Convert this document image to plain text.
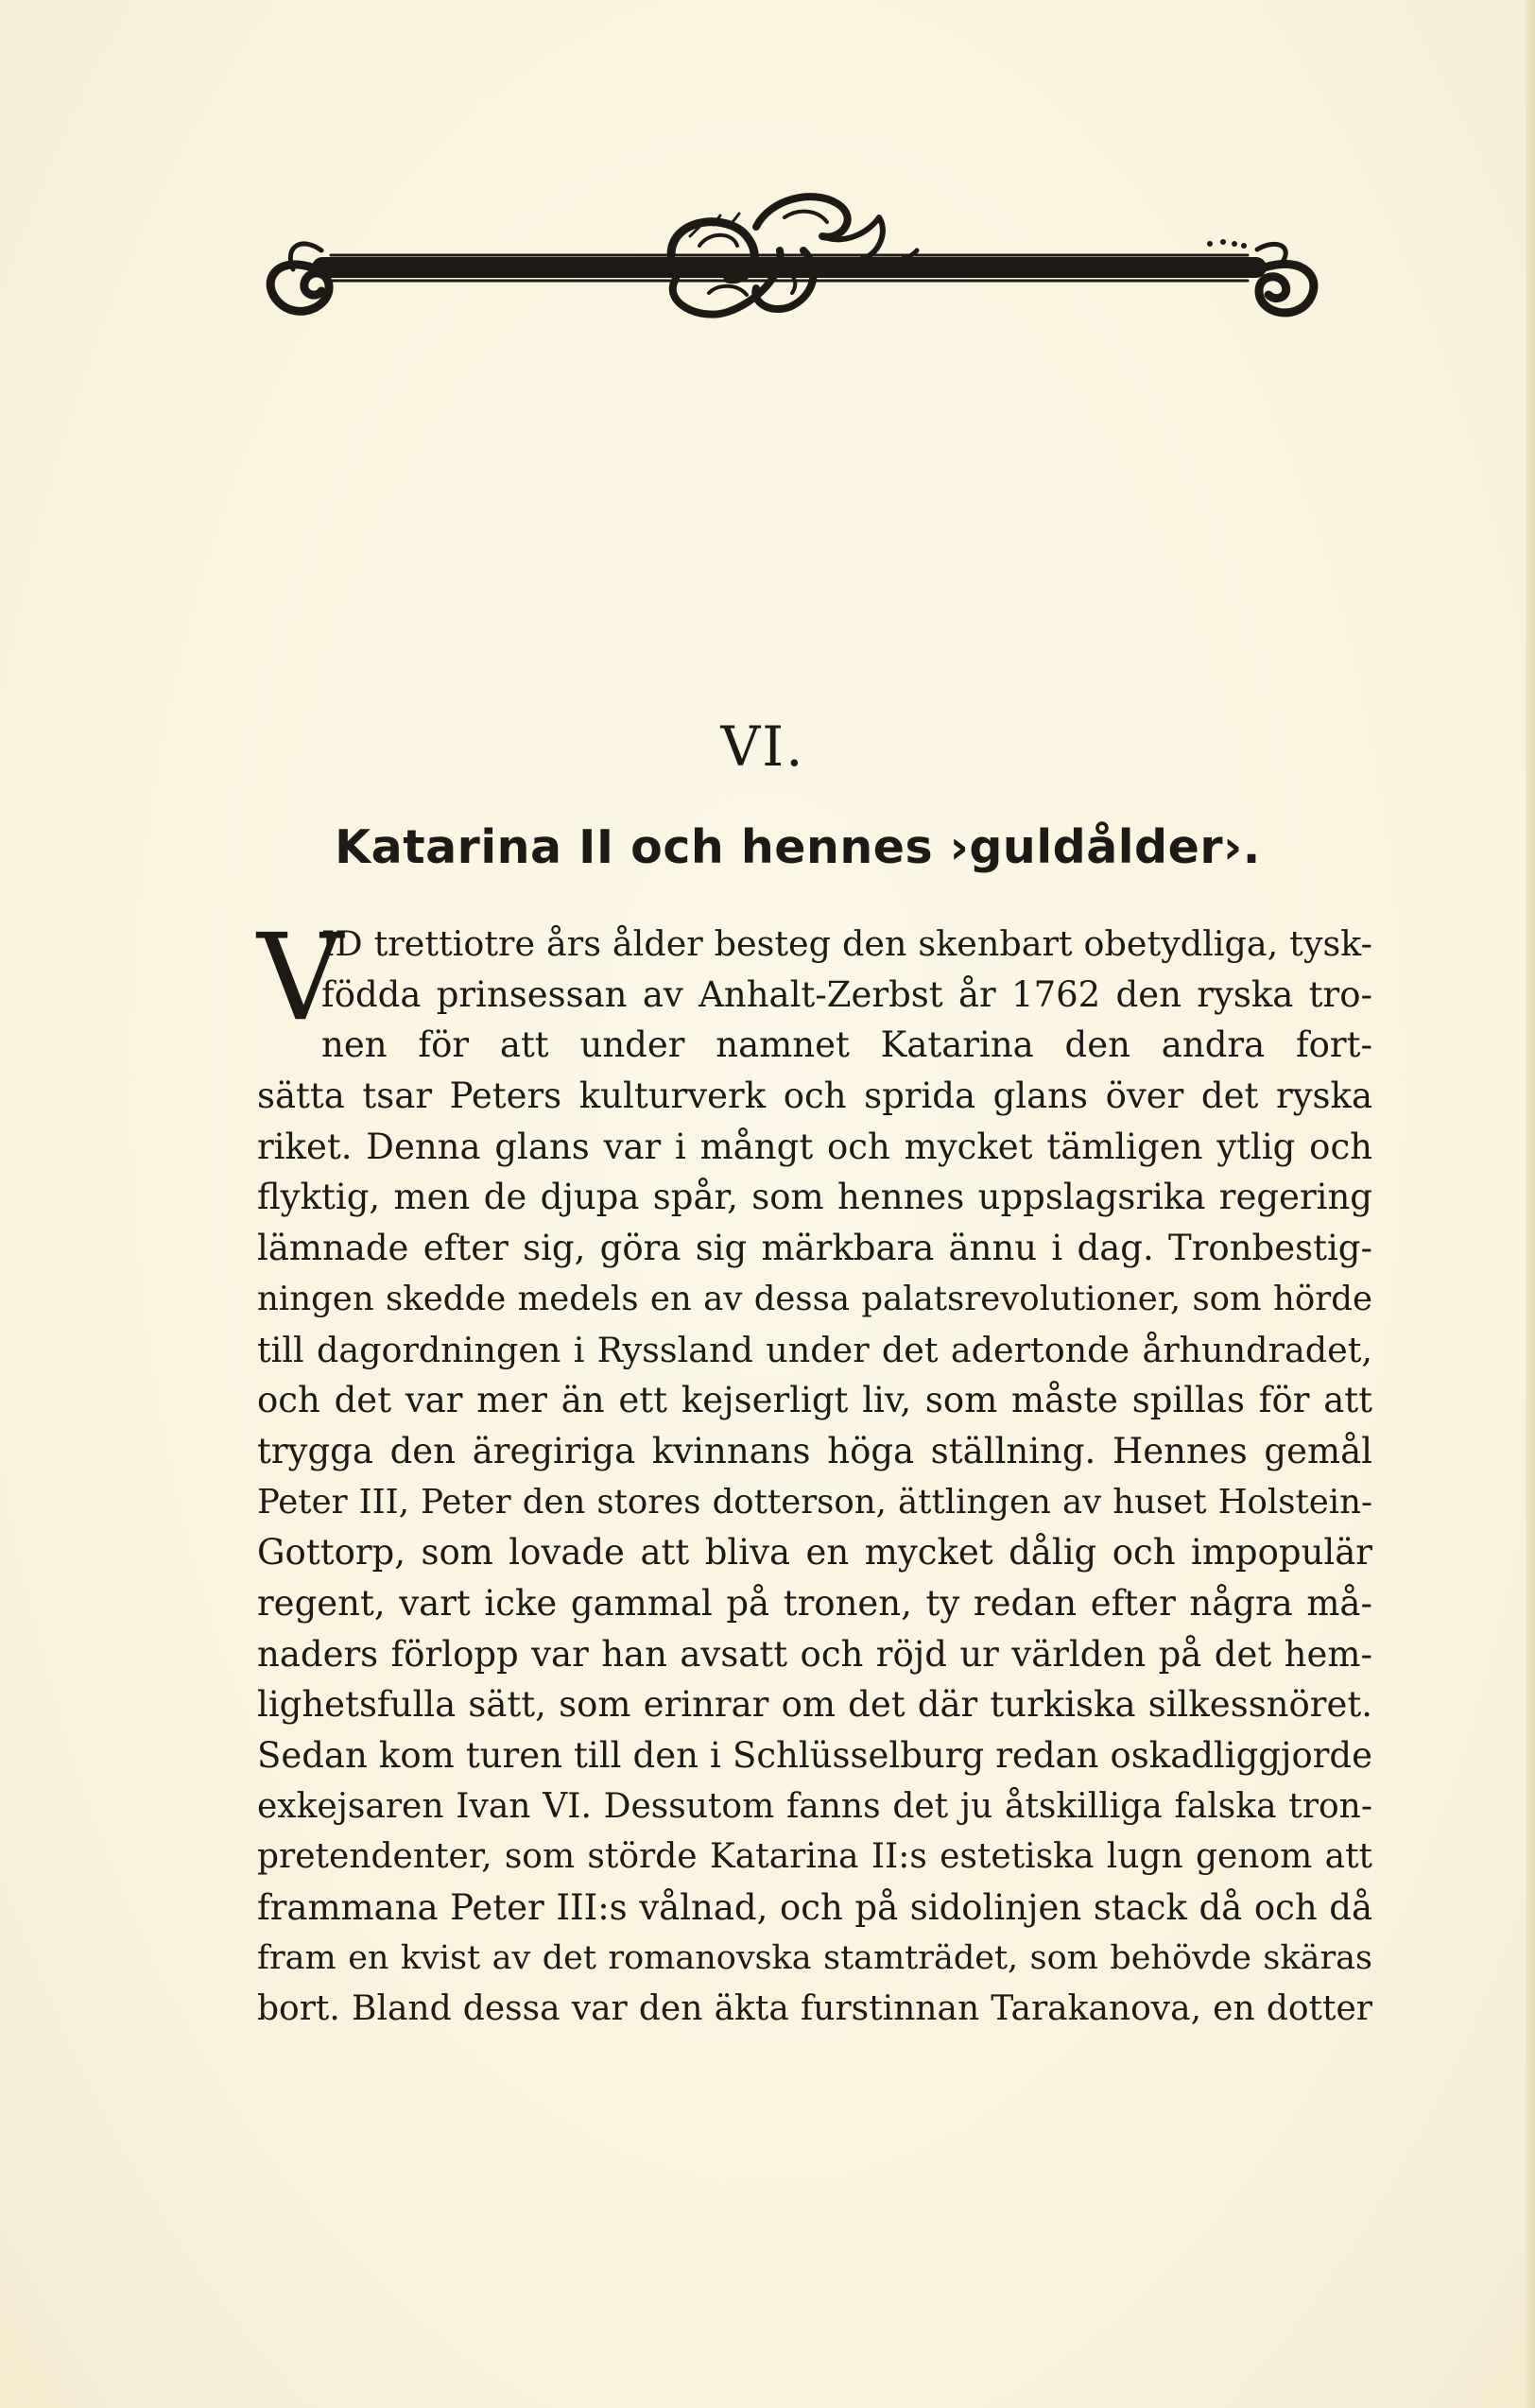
VI.
Katarina II och hennes ›guldålder›.
V
ID trettiotre års ålder besteg den skenbart obetydliga, tysk-
födda prinsessan av Anhalt-Zerbst år 1762 den ryska tro-
nen för att under namnet Katarina den andra fort-
sätta tsar Peters kulturverk och sprida glans över det ryska
riket. Denna glans var i mångt och mycket tämligen ytlig och
flyktig, men de djupa spår, som hennes uppslagsrika regering
lämnade efter sig, göra sig märkbara ännu i dag. Tronbestig-
ningen skedde medels en av dessa palatsrevolutioner, som hörde
till dagordningen i Ryssland under det adertonde århundradet,
och det var mer än ett kejserligt liv, som måste spillas för att
trygga den äregiriga kvinnans höga ställning. Hennes gemål
Peter III, Peter den stores dotterson, ättlingen av huset Holstein-
Gottorp, som lovade att bliva en mycket dålig och impopulär
regent, vart icke gammal på tronen, ty redan efter några må-
naders förlopp var han avsatt och röjd ur världen på det hem-
lighetsfulla sätt, som erinrar om det där turkiska silkessnöret.
Sedan kom turen till den i Schlüsselburg redan oskadliggjorde
exkejsaren Ivan VI. Dessutom fanns det ju åtskilliga falska tron-
pretendenter, som störde Katarina II:s estetiska lugn genom att
frammana Peter III:s vålnad, och på sidolinjen stack då och då
fram en kvist av det romanovska stamträdet, som behövde skäras
bort. Bland dessa var den äkta furstinnan Tarakanova, en dotter
